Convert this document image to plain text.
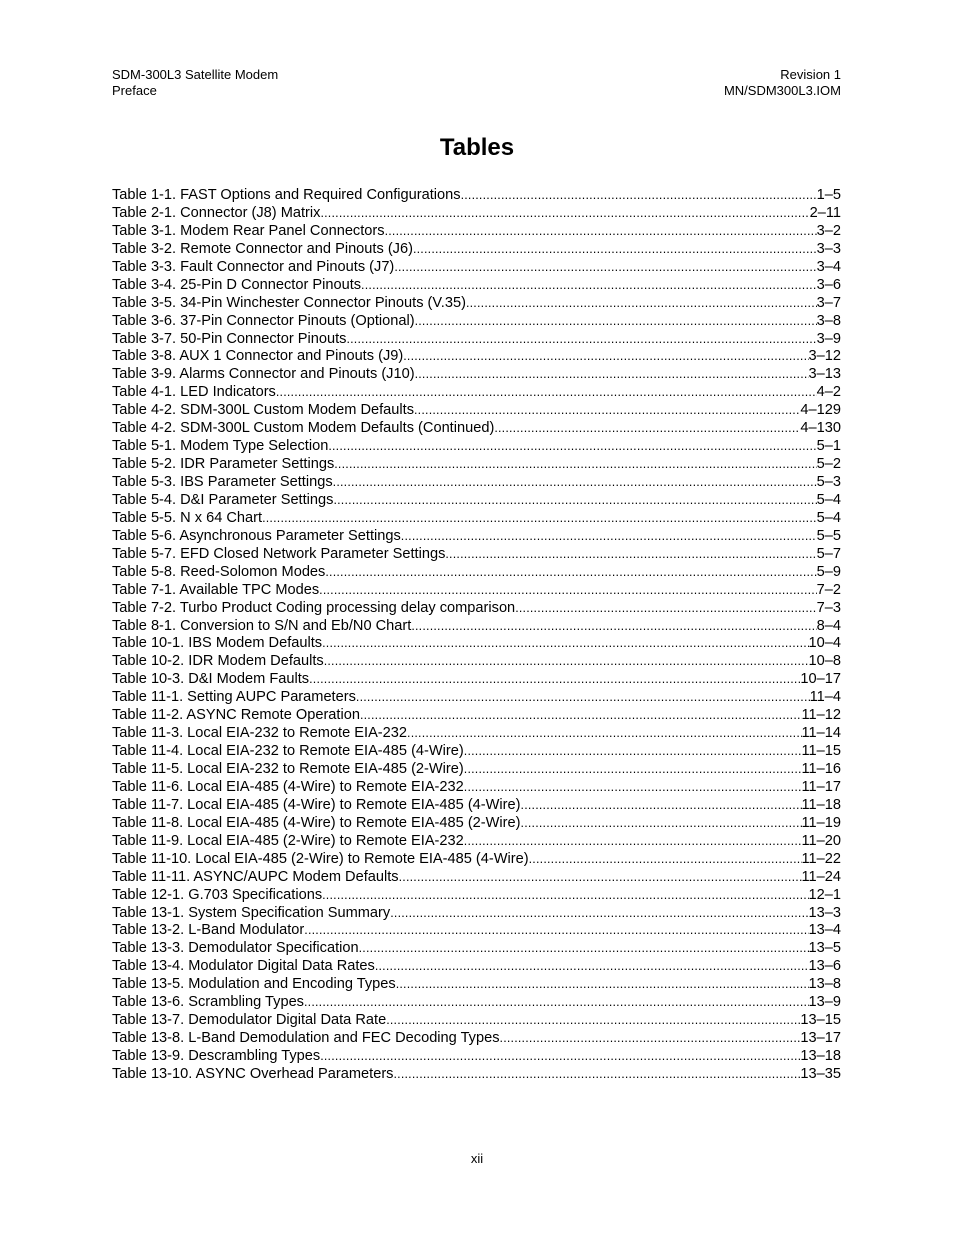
SDM-300L3 Satellite Modem
Preface
Revision 1
MN/SDM300L3.IOM
Tables
Table 1-1. FAST Options and Required Configurations .....	1–5
Table 2-1. Connector (J8) Matrix .....	2–11
Table 3-1. Modem Rear Panel Connectors .....	3–2
Table 3-2. Remote Connector and Pinouts (J6) .....	3–3
Table 3-3. Fault Connector and Pinouts (J7) .....	3–4
Table 3-4. 25-Pin D Connector Pinouts .....	3–6
Table 3-5. 34-Pin Winchester Connector Pinouts (V.35) .....	3–7
Table 3-6. 37-Pin Connector Pinouts (Optional) .....	3–8
Table 3-7. 50-Pin Connector Pinouts .....	3–9
Table 3-8. AUX 1 Connector and Pinouts (J9) .....	3–12
Table 3-9. Alarms Connector and Pinouts (J10) .....	3–13
Table 4-1. LED Indicators .....	4–2
Table 4-2. SDM-300L Custom Modem Defaults .....	4–129
Table 4-2. SDM-300L Custom Modem Defaults (Continued) .....	4–130
Table 5-1. Modem Type Selection .....	5–1
Table 5-2. IDR Parameter Settings .....	5–2
Table 5-3. IBS Parameter Settings .....	5–3
Table 5-4. D&I Parameter Settings .....	5–4
Table 5-5. N x 64 Chart .....	5–4
Table 5-6. Asynchronous Parameter Settings .....	5–5
Table 5-7. EFD Closed Network Parameter Settings .....	5–7
Table 5-8. Reed-Solomon Modes .....	5–9
Table 7-1. Available TPC Modes .....	7–2
Table 7-2. Turbo Product Coding processing delay comparison .....	7–3
Table 8-1. Conversion to S/N and Eb/N0 Chart .....	8–4
Table 10-1. IBS Modem Defaults .....	10–4
Table 10-2. IDR Modem Defaults .....	10–8
Table 10-3. D&I Modem Faults .....	10–17
Table 11-1. Setting AUPC Parameters .....	11–4
Table 11-2. ASYNC Remote Operation .....	11–12
Table 11-3. Local EIA-232 to Remote EIA-232 .....	11–14
Table 11-4. Local EIA-232 to Remote EIA-485 (4-Wire) .....	11–15
Table 11-5. Local EIA-232 to Remote EIA-485 (2-Wire) .....	11–16
Table 11-6. Local EIA-485 (4-Wire) to Remote EIA-232 .....	11–17
Table 11-7. Local EIA-485 (4-Wire) to Remote EIA-485 (4-Wire) .....	11–18
Table 11-8. Local EIA-485 (4-Wire) to Remote EIA-485 (2-Wire) .....	11–19
Table 11-9. Local EIA-485 (2-Wire) to Remote EIA-232 .....	11–20
Table 11-10. Local EIA-485 (2-Wire) to Remote EIA-485 (4-Wire) .....	11–22
Table 11-11. ASYNC/AUPC Modem Defaults .....	11–24
Table 12-1. G.703 Specifications .....	12–1
Table 13-1. System Specification Summary .....	13–3
Table 13-2. L-Band Modulator .....	13–4
Table 13-3. Demodulator Specification .....	13–5
Table 13-4. Modulator Digital Data Rates .....	13–6
Table 13-5. Modulation and Encoding Types .....	13–8
Table 13-6. Scrambling Types .....	13–9
Table 13-7. Demodulator Digital Data Rate .....	13–15
Table 13-8. L-Band Demodulation and FEC Decoding Types .....	13–17
Table 13-9. Descrambling Types .....	13–18
Table 13-10. ASYNC Overhead Parameters .....	13–35
xii
